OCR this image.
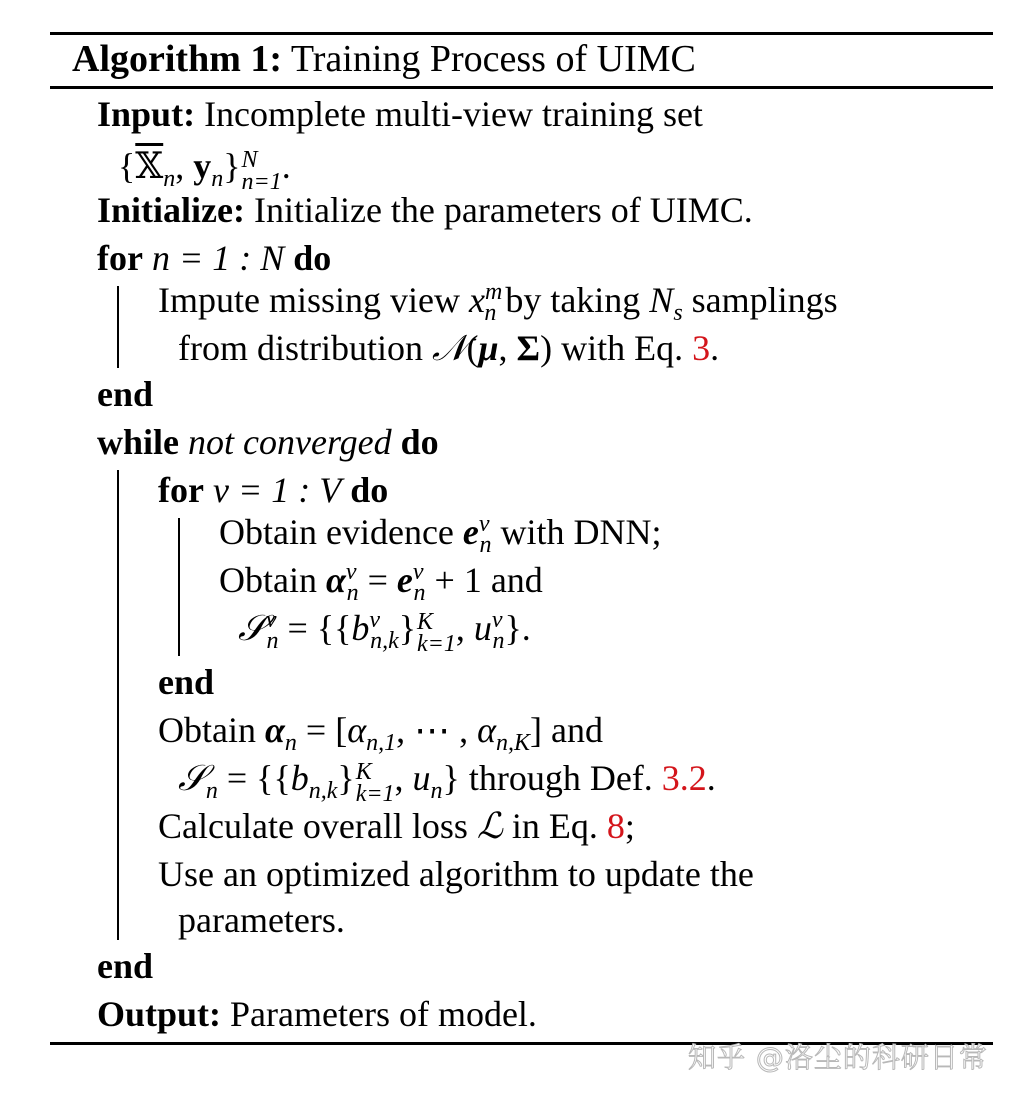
Algorithm 1: Training Process of UIMC
Input: Incomplete multi-view training set
{𝕏$_n$, $y_n$} N
n=1 .
Initialize: Initialize the parameters of UIMC.
for n = 1 : N do
Impute missing view $x^m_n$ by taking $N_s$ samplings
from distribution 𝒩(μ, Σ) with Eq. 3.
end
while not converged do
for v = 1 : V do
Obtain evidence $e^v_n$ with DNN;
Obtain $\alpha^v_n = e^v_n + 1$ and
𝒮$^v_n$ = {$\{b^v_{n,k}\}$ K
k=1 , $u^v_n$}.
end
Obtain $\alpha_n = [\alpha_{n,1}$, ⋯ , $\alpha_{n,K}$] and
𝒮$_n$ = {$\{b_{n,k}\}$ K
k=1 , $u_n$} through Def. 3.2.
Calculate overall loss ℒ in Eq. 8;
Use an optimized algorithm to update the
parameters.
end
Output: Parameters of model.
知乎 @洛尘的科研日常
